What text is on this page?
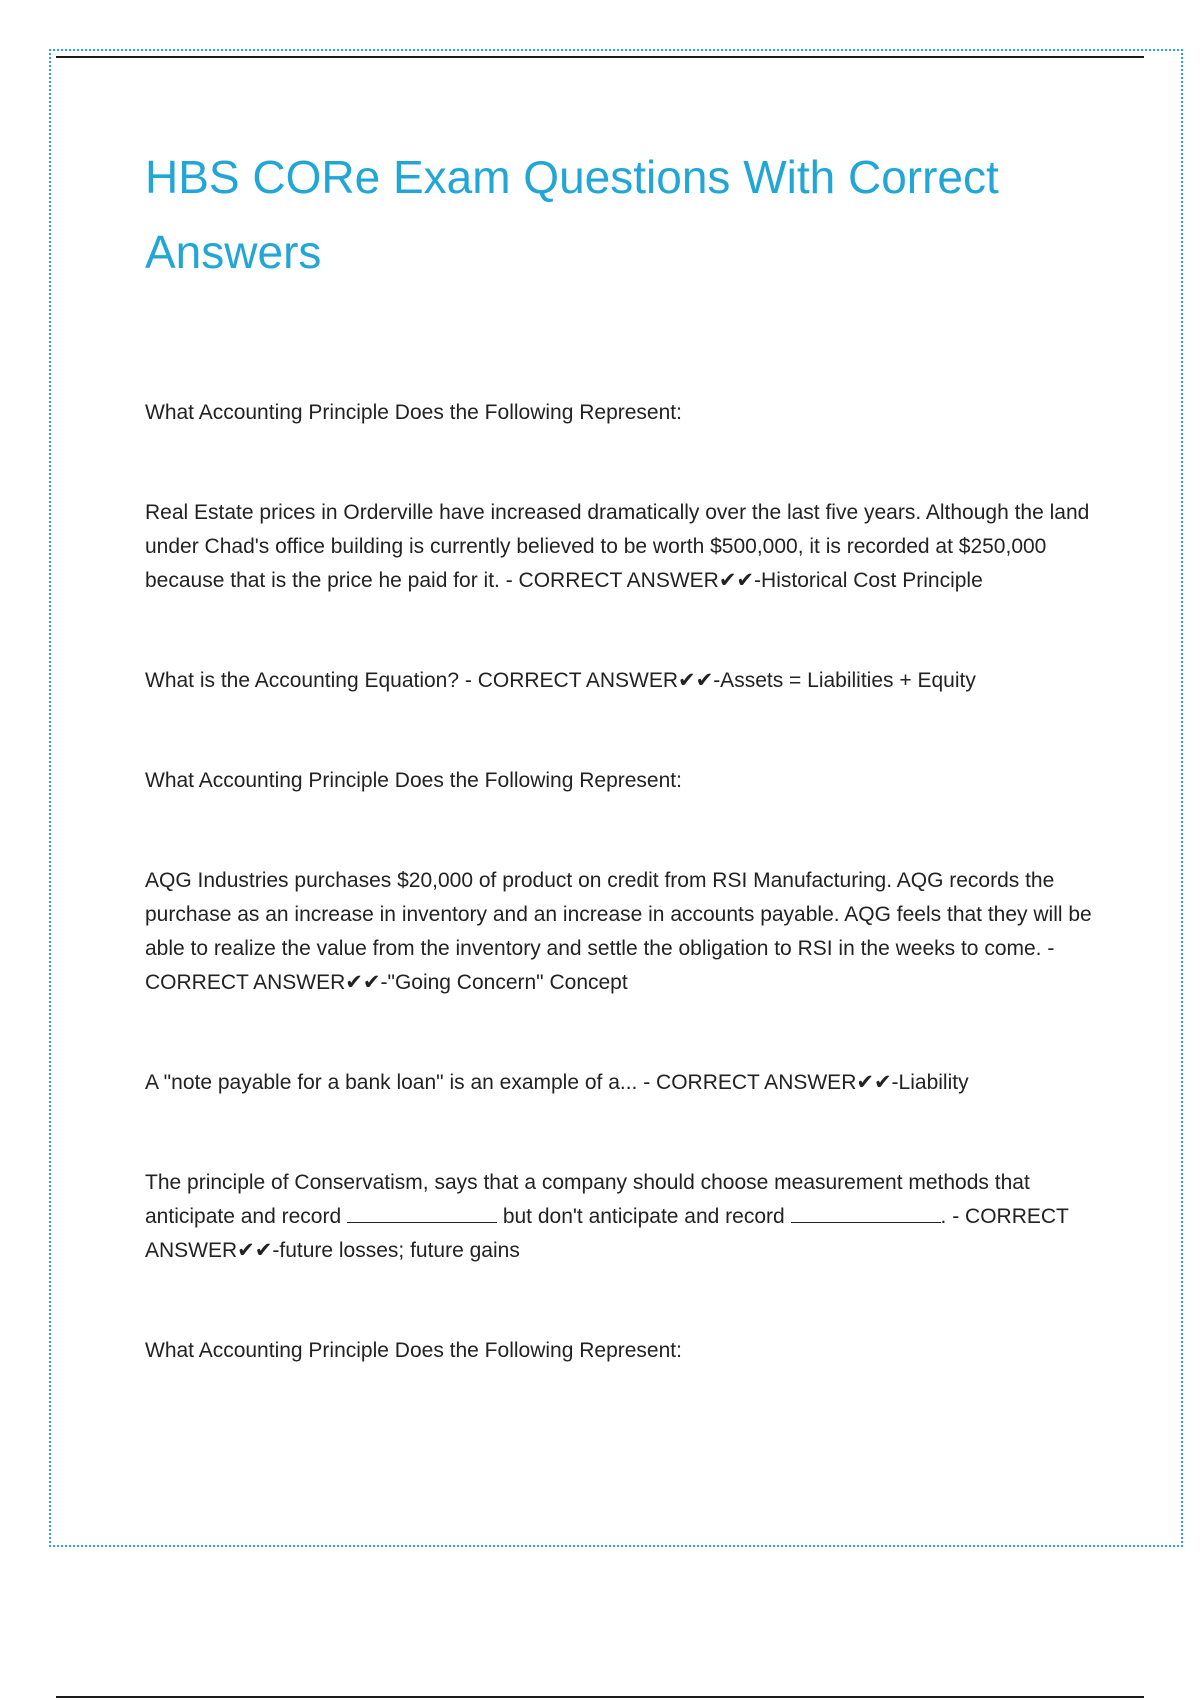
HBS CORe Exam Questions With Correct Answers

What Accounting Principle Does the Following Represent:

Real Estate prices in Orderville have increased dramatically over the last five years. Although the land under Chad's office building is currently believed to be worth $500,000, it is recorded at $250,000 because that is the price he paid for it. - CORRECT ANSWER✔✔-Historical Cost Principle

What is the Accounting Equation? - CORRECT ANSWER✔✔-Assets = Liabilities + Equity

What Accounting Principle Does the Following Represent:

AQG Industries purchases $20,000 of product on credit from RSI Manufacturing. AQG records the purchase as an increase in inventory and an increase in accounts payable. AQG feels that they will be able to realize the value from the inventory and settle the obligation to RSI in the weeks to come. - CORRECT ANSWER✔✔-"Going Concern" Concept

A "note payable for a bank loan" is an example of a... - CORRECT ANSWER✔✔-Liability

The principle of Conservatism, says that a company should choose measurement methods that anticipate and record	but don't anticipate and record	. - CORRECT ANSWER✔✔-future losses; future gains

What Accounting Principle Does the Following Represent:
